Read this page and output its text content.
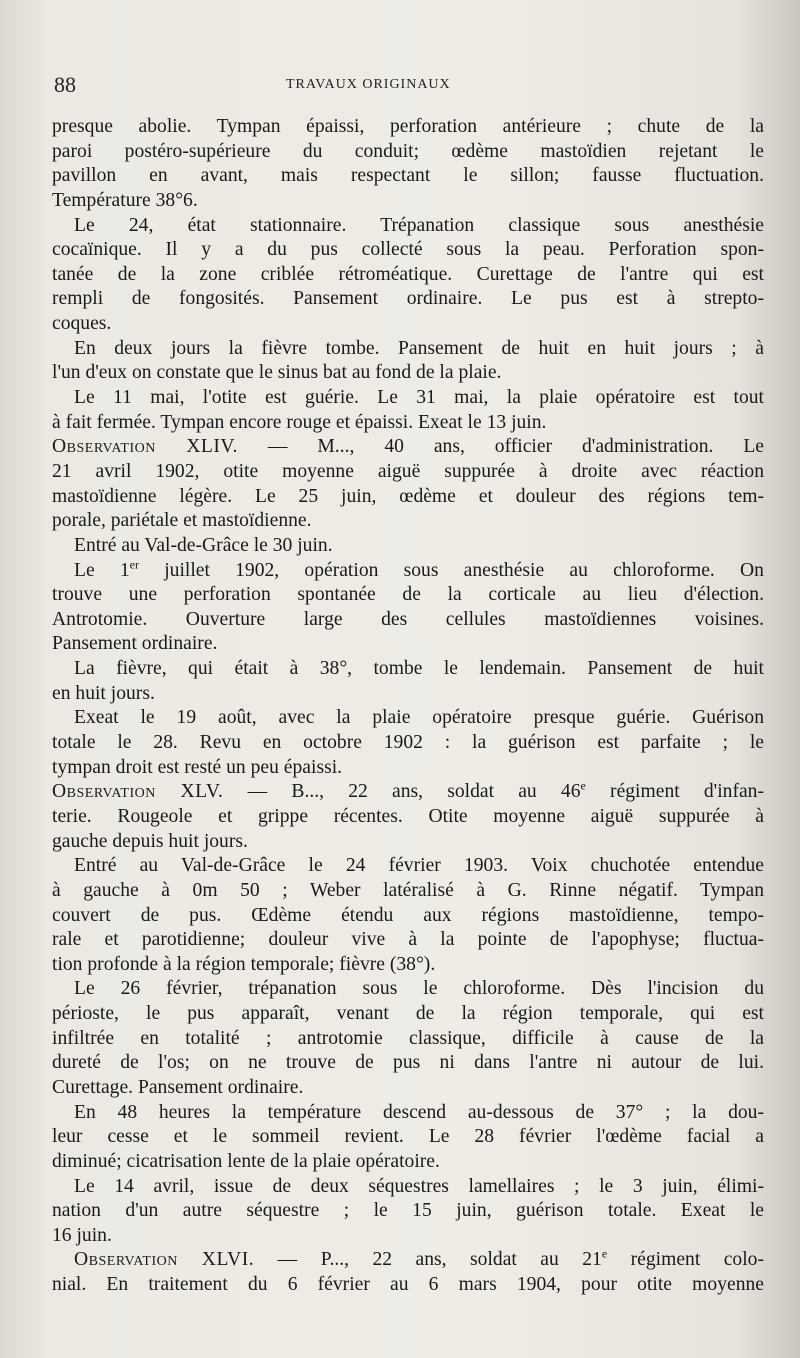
88	TRAVAUX ORIGINAUX
presque abolie. Tympan épaissi, perforation antérieure ; chute de la
paroi postéro-supérieure du conduit; œdème mastoïdien rejetant le
pavillon en avant, mais respectant le sillon; fausse fluctuation.
Température 38°6.
Le 24, état stationnaire. Trépanation classique sous anesthésie
cocaïnique. Il y a du pus collecté sous la peau. Perforation spon-
tanée de la zone criblée rétroméatique. Curettage de l'antre qui est
rempli de fongosités. Pansement ordinaire. Le pus est à strepto-
coques.
En deux jours la fièvre tombe. Pansement de huit en huit jours ; à
l'un d'eux on constate que le sinus bat au fond de la plaie.
Le 11 mai, l'otite est guérie. Le 31 mai, la plaie opératoire est tout
à fait fermée. Tympan encore rouge et épaissi. Exeat le 13 juin.
Observation XLIV. — M..., 40 ans, officier d'administration. Le
21 avril 1902, otite moyenne aiguë suppurée à droite avec réaction
mastoïdienne légère. Le 25 juin, œdème et douleur des régions tem-
porale, pariétale et mastoïdienne.
Entré au Val-de-Grâce le 30 juin.
Le 1er juillet 1902, opération sous anesthésie au chloroforme. On
trouve une perforation spontanée de la corticale au lieu d'élection.
Antrotomie. Ouverture large des cellules mastoïdiennes voisines.
Pansement ordinaire.
La fièvre, qui était à 38°, tombe le lendemain. Pansement de huit
en huit jours.
Exeat le 19 août, avec la plaie opératoire presque guérie. Guérison
totale le 28. Revu en octobre 1902 : la guérison est parfaite ; le
tympan droit est resté un peu épaissi.
Observation XLV. — B..., 22 ans, soldat au 46e régiment d'infan-
terie. Rougeole et grippe récentes. Otite moyenne aiguë suppurée à
gauche depuis huit jours.
Entré au Val-de-Grâce le 24 février 1903. Voix chuchotée entendue
à gauche à 0m 50 ; Weber latéralisé à G. Rinne négatif. Tympan
couvert de pus. Œdème étendu aux régions mastoïdienne, tempo-
rale et parotidienne; douleur vive à la pointe de l'apophyse; fluctua-
tion profonde à la région temporale; fièvre (38°).
Le 26 février, trépanation sous le chloroforme. Dès l'incision du
périoste, le pus apparaît, venant de la région temporale, qui est
infiltrée en totalité ; antrotomie classique, difficile à cause de la
dureté de l'os; on ne trouve de pus ni dans l'antre ni autour de lui.
Curettage. Pansement ordinaire.
En 48 heures la température descend au-dessous de 37° ; la dou-
leur cesse et le sommeil revient. Le 28 février l'œdème facial a
diminué; cicatrisation lente de la plaie opératoire.
Le 14 avril, issue de deux séquestres lamellaires ; le 3 juin, élimi-
nation d'un autre séquestre ; le 15 juin, guérison totale. Exeat le
16 juin.
Observation XLVI. — P..., 22 ans, soldat au 21e régiment colo-
nial. En traitement du 6 février au 6 mars 1904, pour otite moyenne
